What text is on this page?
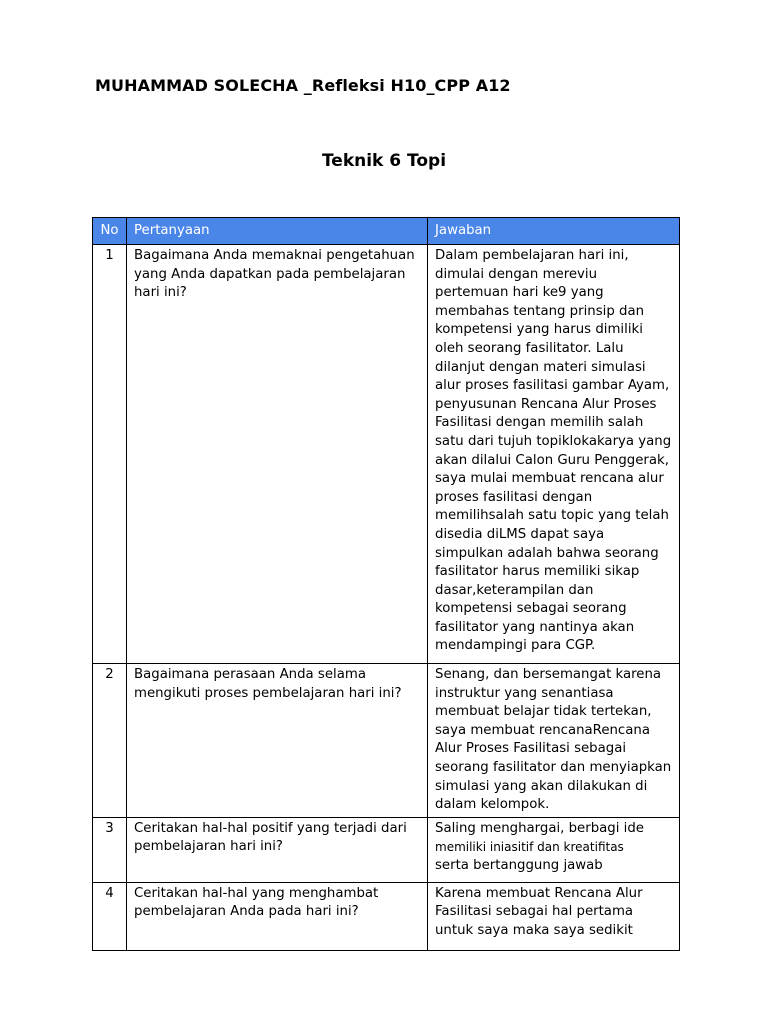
MUHAMMAD SOLECHA _Refleksi H10_CPP A12
Teknik 6 Topi
No	Pertanyaan	Jawaban
1	Bagaimana Anda memaknai pengetahuan yang Anda dapatkan pada pembelajaran hari ini?	Dalam pembelajaran hari ini, dimulai dengan mereviu pertemuan hari ke9 yang membahas tentang prinsip dan kompetensi yang harus dimiliki oleh seorang fasilitator. Lalu dilanjut dengan materi simulasi alur proses fasilitasi gambar Ayam, penyusunan Rencana Alur Proses Fasilitasi dengan memilih salah satu dari tujuh topiklokakarya yang akan dilalui Calon Guru Penggerak, saya mulai membuat rencana alur proses fasilitasi dengan memilihsalah satu topic yang telah disedia diLMS dapat saya simpulkan adalah bahwa seorang fasilitator harus memiliki sikap dasar,keterampilan dan kompetensi sebagai seorang fasilitator yang nantinya akan mendampingi para CGP.
2	Bagaimana perasaan Anda selama mengikuti proses pembelajaran hari ini?	Senang, dan bersemangat karena instruktur yang senantiasa membuat belajar tidak tertekan, saya membuat rencanaRencana Alur Proses Fasilitasi sebagai seorang fasilitator dan menyiapkan simulasi yang akan dilakukan di dalam kelompok.
3	Ceritakan hal-hal positif yang terjadi dari pembelajaran hari ini?	Saling menghargai, berbagi ide
memiliki iniasitif dan kreatifitas
serta bertanggung jawab

4	Ceritakan hal-hal yang menghambat pembelajaran Anda pada hari ini?	Karena membuat Rencana Alur Fasilitasi sebagai hal pertama untuk saya maka saya sedikit
